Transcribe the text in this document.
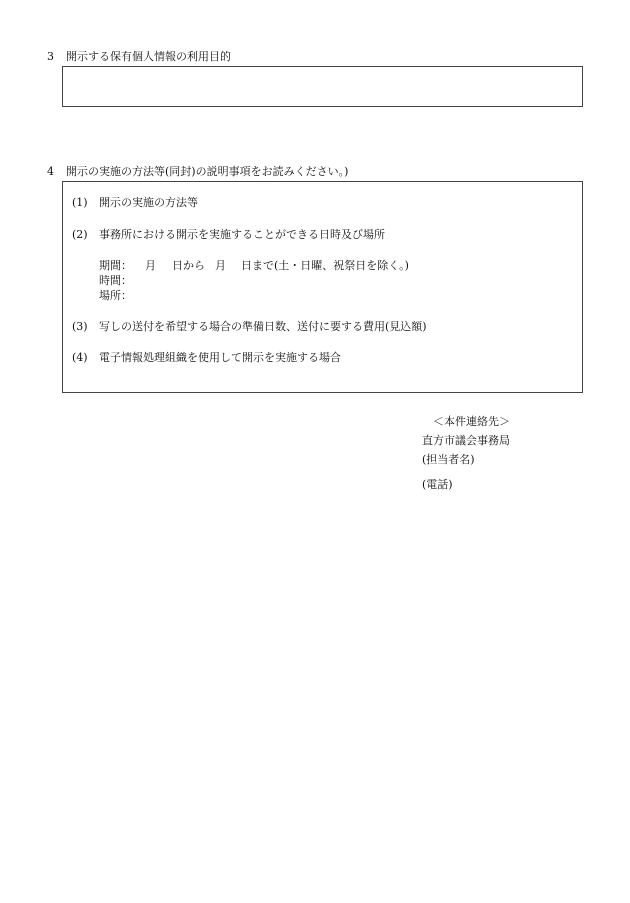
3 開示する保有個人情報の利用目的
4 開示の実施の方法等(同封)の説明事項をお読みください。)
(1) 開示の実施の方法等
(2) 事務所における開示を実施することができる日時及び場所
期間： 月 日から 月 日まで(土・日曜、祝祭日を除く。)
時間：
場所：
(3) 写しの送付を希望する場合の準備日数、送付に要する費用(見込額)
(4) 電子情報処理組織を使用して開示を実施する場合
＜本件連絡先＞
直方市議会事務局
(担当者名)
(電話)
